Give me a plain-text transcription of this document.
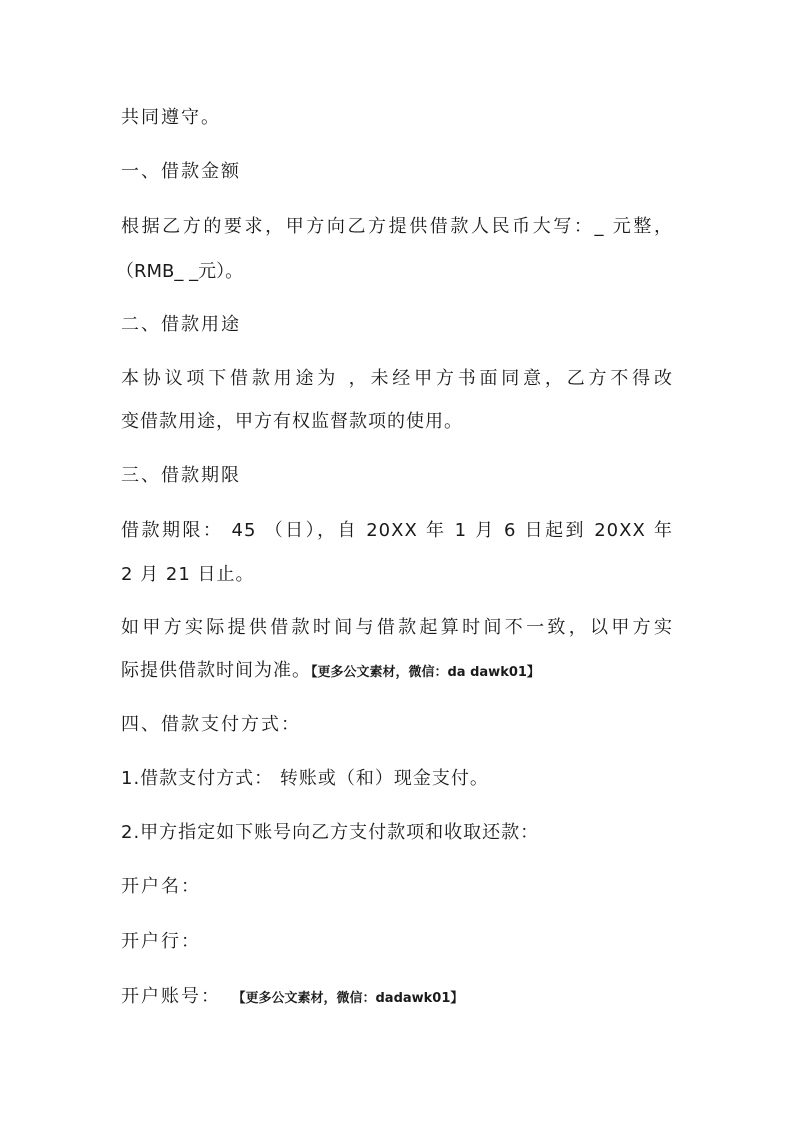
共同遵守。
一、借款金额
根据乙方的要求，甲方向乙方提供借款人民币大写：_ 元整，
（RMB_ _元）。
二、借款用途
本协议项下借款用途为 ，未经甲方书面同意，乙方不得改
变借款用途，甲方有权监督款项的使用。
三、借款期限
借款期限： 45 （日），自 20XX 年 1 月 6 日起到 20XX 年
2 月 21 日止。
如甲方实际提供借款时间与借款起算时间不一致，以甲方实
际提供借款时间为准。【更多公文素材，微信：da dawk01】
四、借款支付方式：
1.借款支付方式： 转账或（和）现金支付。
2.甲方指定如下账号向乙方支付款项和收取还款：
开户名：
开户行：
开户账号： 【更多公文素材，微信：dadawk01】
